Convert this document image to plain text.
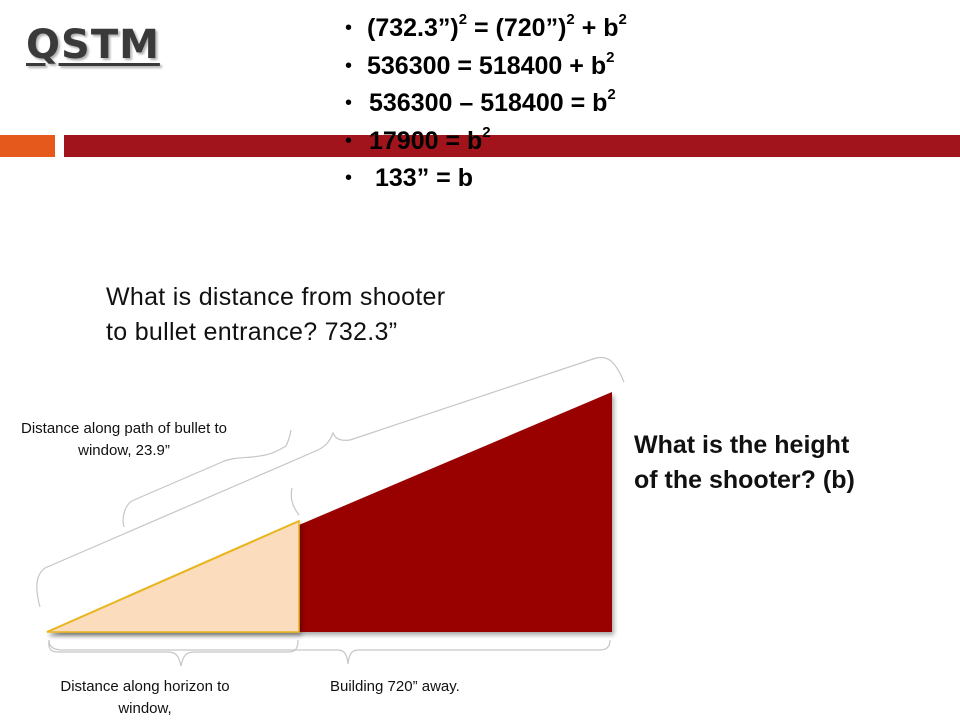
QSTM
•	(732.3”)$^2$ = (720”)$^2$ + $b^2$
• $536300 = 518400 + b^2$
• $536300 - 518400 = b^2$
• $17900 = b^2$
• 133” = b
What is distance from shooter to bullet entrance? 732.3”
What is the height of the shooter? (b)
Distance along path of bullet to window, 23.9”
Distance along horizon to window,
Building 720” away.
